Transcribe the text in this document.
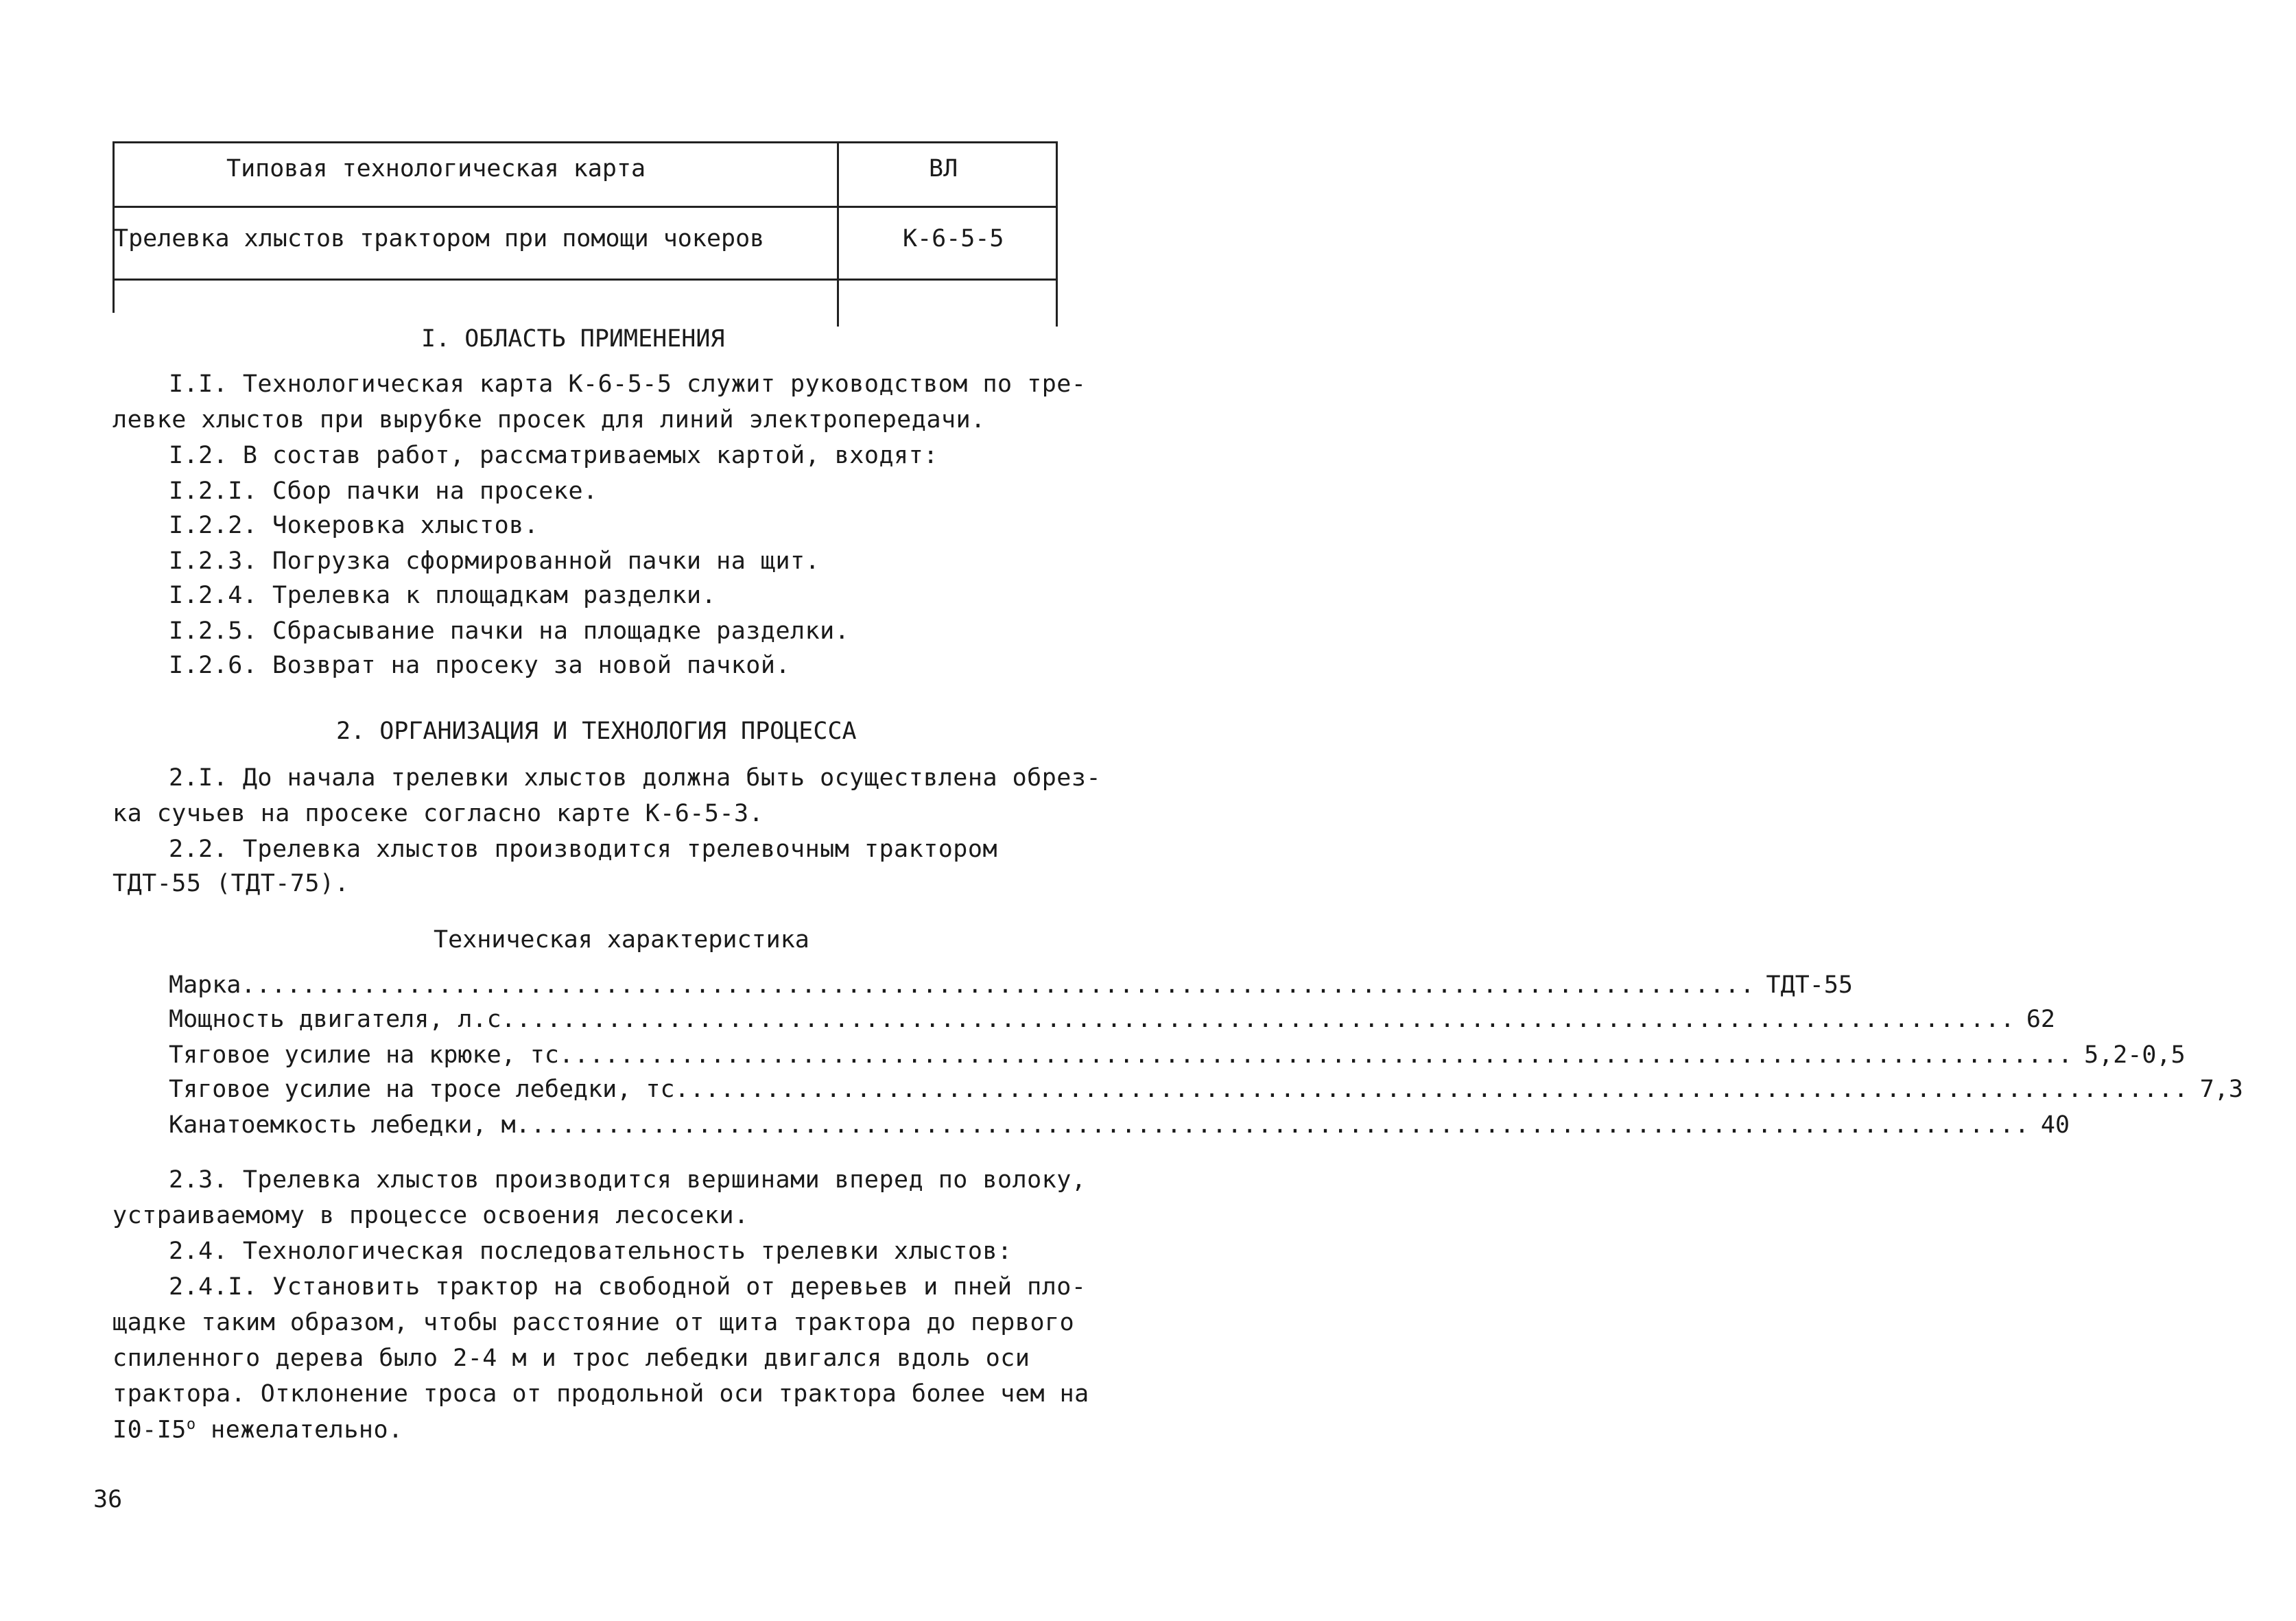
Типовая технологическая карта	ВЛ
Трелевка хлыстов трактором при помощи чокеров	К-6-5-5
I. ОБЛАСТЬ ПРИМЕНЕНИЯ
I.I. Технологическая карта К-6-5-5 служит руководством по тре-
левке хлыстов при вырубке просек для линий электропередачи.
I.2. В состав работ, рассматриваемых картой, входят:
I.2.I. Сбор пачки на просеке.
I.2.2. Чокеровка хлыстов.
I.2.3. Погрузка сформированной пачки на щит.
I.2.4. Трелевка к площадкам разделки.
I.2.5. Сбрасывание пачки на площадке разделки.
I.2.6. Возврат на просеку за новой пачкой.
2. ОРГАНИЗАЦИЯ И ТЕХНОЛОГИЯ ПРОЦЕССА
2.I. До начала трелевки хлыстов должна быть осуществлена обрез-
ка сучьев на просеке согласно карте К-6-5-3.
2.2. Трелевка хлыстов производится трелевочным трактором
ТДТ-55 (ТДТ-75).
Техническая характеристика
Марка .................................................................................................... ТДТ-55
Мощность двигателя, л.с .................................................................................................... 62
Тяговое усилие на крюке, тс .................................................................................................... 5,2-0,5
Тяговое усилие на тросе лебедки, тс .................................................................................................... 7,3
Канатоемкость лебедки, м .................................................................................................... 40
2.3. Трелевка хлыстов производится вершинами вперед по волоку,
устраиваемому в процессе освоения лесосеки.
2.4. Технологическая последовательность трелевки хлыстов:
2.4.I. Установить трактор на свободной от деревьев и пней пло-
щадке таким образом, чтобы расстояние от щита трактора до первого
спиленного дерева было 2-4 м и трос лебедки двигался вдоль оси
трактора. Отклонение троса от продольной оси трактора более чем на
$I0-I5^о$ нежелательно.
36
